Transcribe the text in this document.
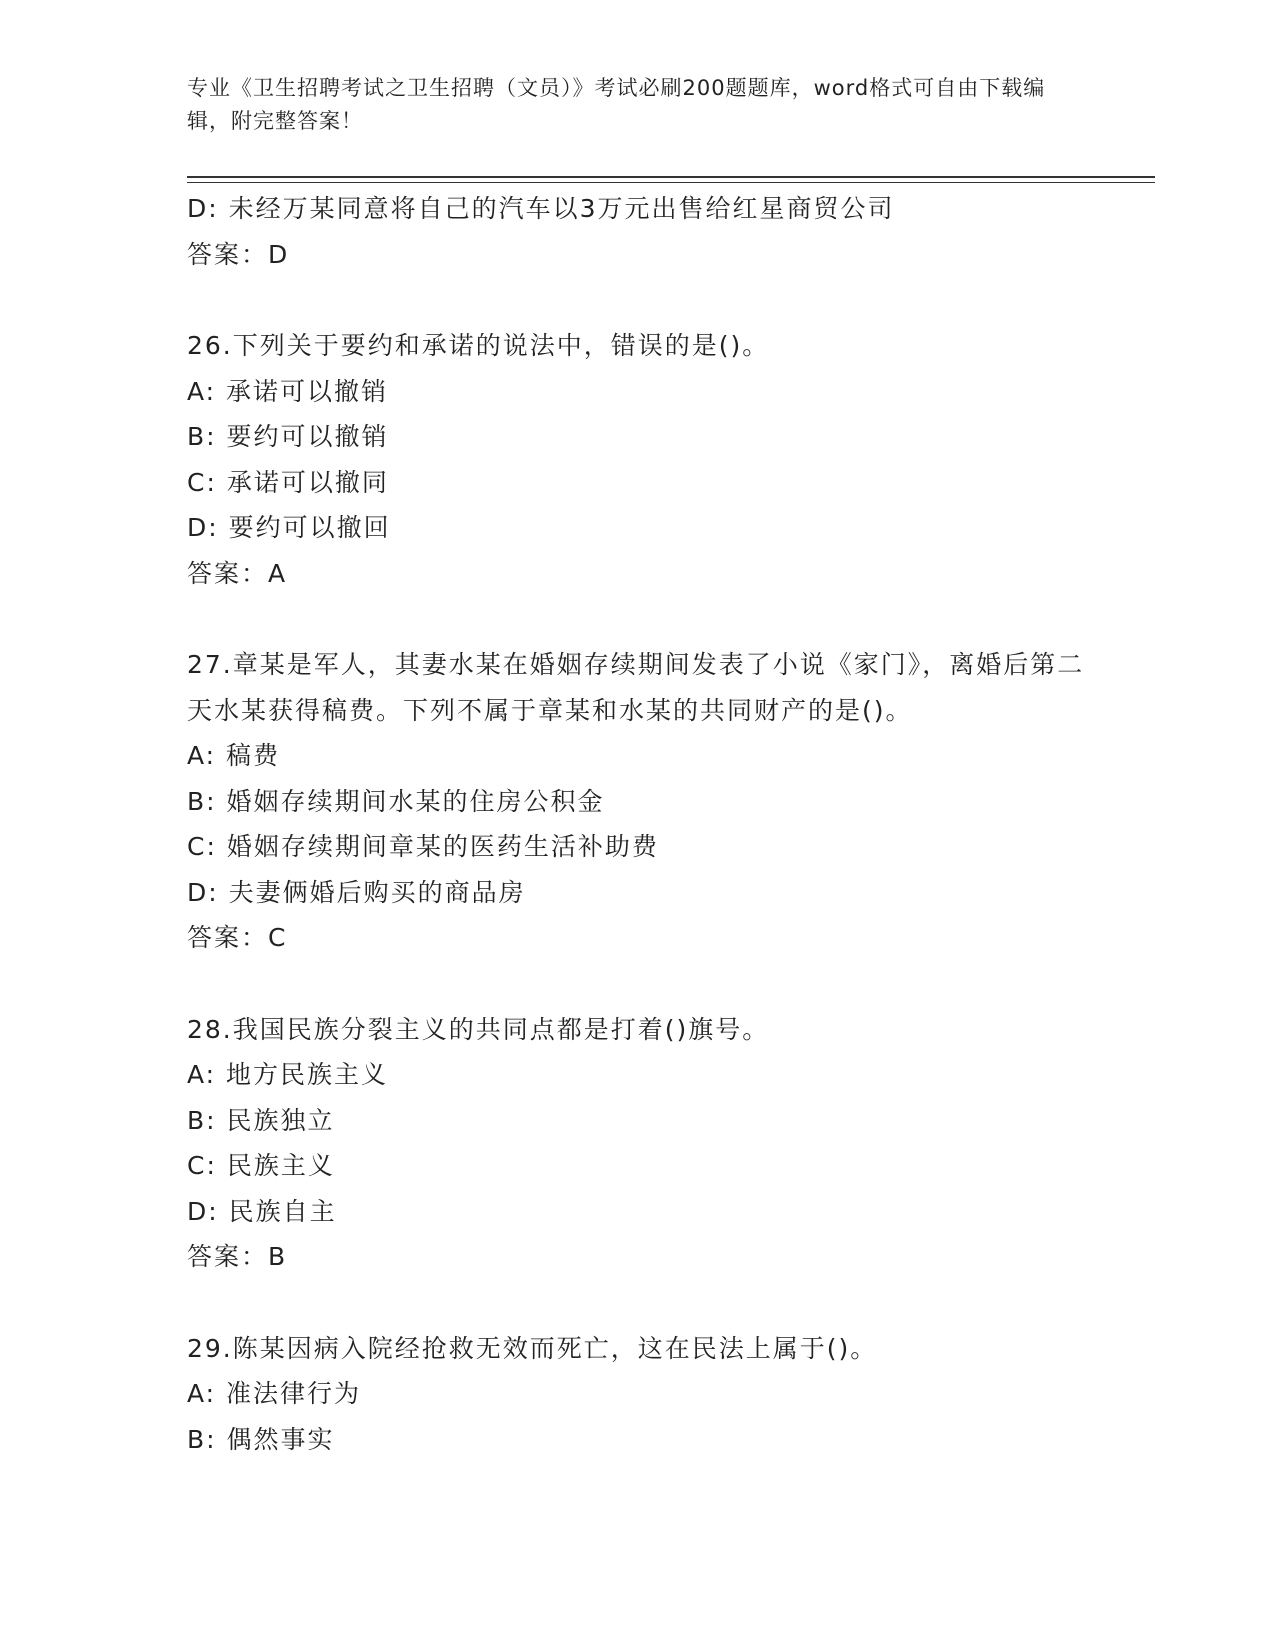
专业《卫生招聘考试之卫生招聘（文员）》考试必刷200题题库，word格式可自由下载编辑，附完整答案！
D: 未经万某同意将自己的汽车以3万元出售给红星商贸公司
答案：D
26.下列关于要约和承诺的说法中，错误的是()。
A: 承诺可以撤销
B: 要约可以撤销
C: 承诺可以撤同
D: 要约可以撤回
答案：A
27.章某是军人，其妻水某在婚姻存续期间发表了小说《家门》，离婚后第二天水某获得稿费。下列不属于章某和水某的共同财产的是()。
A: 稿费
B: 婚姻存续期间水某的住房公积金
C: 婚姻存续期间章某的医药生活补助费
D: 夫妻俩婚后购买的商品房
答案：C
28.我国民族分裂主义的共同点都是打着()旗号。
A: 地方民族主义
B: 民族独立
C: 民族主义
D: 民族自主
答案：B
29.陈某因病入院经抢救无效而死亡，这在民法上属于()。
A: 准法律行为
B: 偶然事实
